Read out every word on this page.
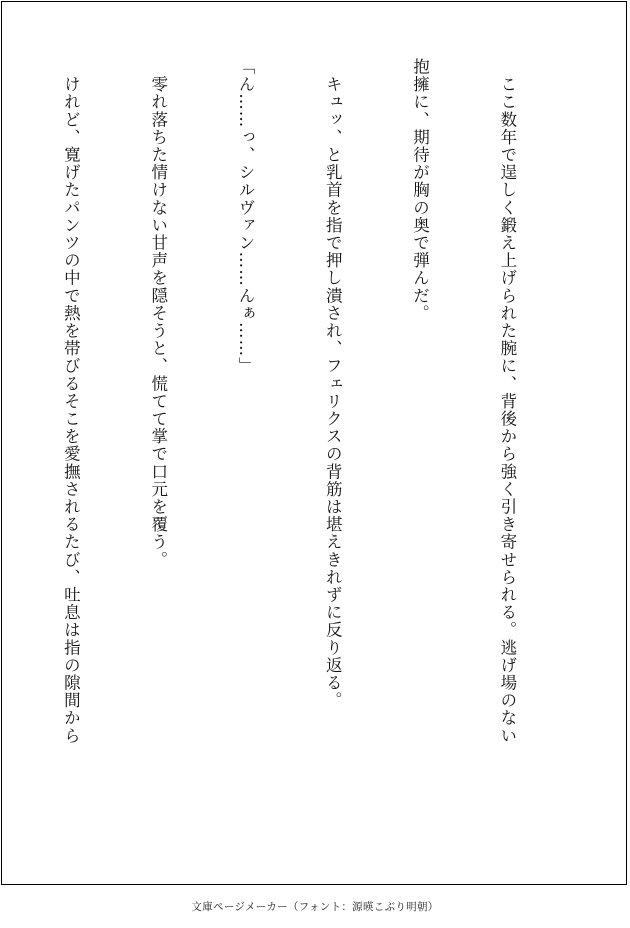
　ここ数年で逞しく鍛え上げられた腕に、背後から強く引き寄せられる。逃げ場のない

抱擁に、期待が胸の奥で弾んだ。

　キュッ、と乳首を指で押し潰され、フェリクスの背筋は堪えきれずに反り返る。

「ん……っ、シルヴァン……んぁ……」

　零れ落ちた情けない甘声を隠そうと、慌てて掌で口元を覆う。

　けれど、寛げたパンツの中で熱を帯びるそこを愛撫されるたび、吐息は指の隙間から

文庫ページメーカー（フォント：源暎こぶり明朝）
